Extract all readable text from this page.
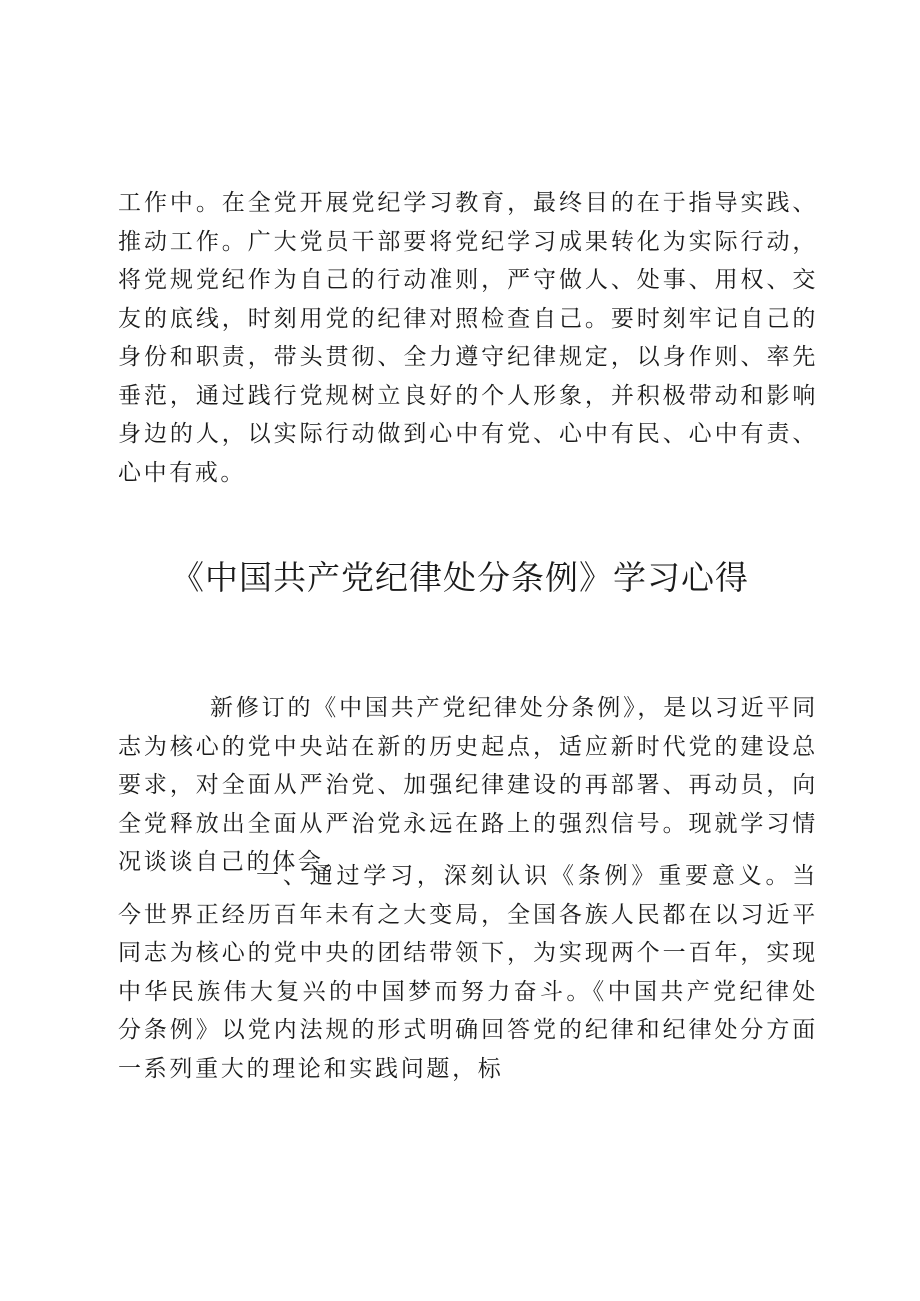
工作中。在全党开展党纪学习教育，最终目的在于指导实践、推动工作。广大党员干部要将党纪学习成果转化为实际行动，将党规党纪作为自己的行动准则，严守做人、处事、用权、交友的底线，时刻用党的纪律对照检查自己。要时刻牢记自己的身份和职责，带头贯彻、全力遵守纪律规定，以身作则、率先垂范，通过践行党规树立良好的个人形象，并积极带动和影响身边的人，以实际行动做到心中有党、心中有民、心中有责、心中有戒。
《中国共产党纪律处分条例》学习心得
新修订的《中国共产党纪律处分条例》，是以习近平同志为核心的党中央站在新的历史起点，适应新时代党的建设总要求，对全面从严治党、加强纪律建设的再部署、再动员，向全党释放出全面从严治党永远在路上的强烈信号。现就学习情况谈谈自己的体会。
一、通过学习，深刻认识《条例》重要意义。当今世界正经历百年未有之大变局，全国各族人民都在以习近平同志为核心的党中央的团结带领下，为实现两个一百年，实现中华民族伟大复兴的中国梦而努力奋斗。《中国共产党纪律处分条例》以党内法规的形式明确回答党的纪律和纪律处分方面一系列重大的理论和实践问题，标
